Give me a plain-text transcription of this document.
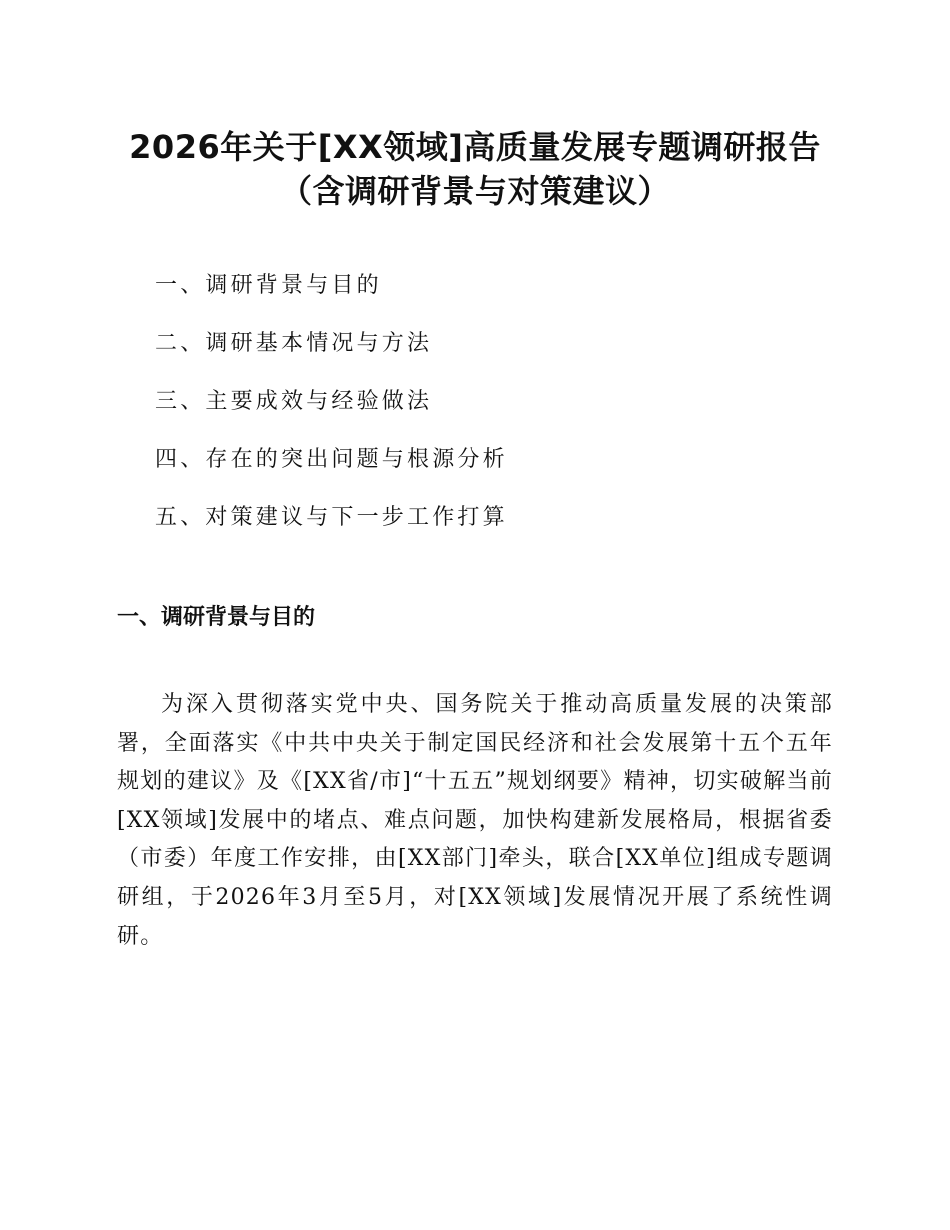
2026年关于[XX领域]高质量发展专题调研报告
（含调研背景与对策建议）
一、调研背景与目的
二、调研基本情况与方法
三、主要成效与经验做法
四、存在的突出问题与根源分析
五、对策建议与下一步工作打算
一、调研背景与目的

为深入贯彻落实党中央、国务院关于推动高质量发展的决策部署，全面落实《中共中央关于制定国民经济和社会发展第十五个五年规划的建议》及《[XX省/市]“十五五”规划纲要》精神，切实破解当前[XX领域]发展中的堵点、难点问题，加快构建新发展格局，根据省委（市委）年度工作安排，由[XX部门]牵头，联合[XX单位]组成专题调研组，于2026年3月至5月，对[XX领域]发展情况开展了系统性调研。
